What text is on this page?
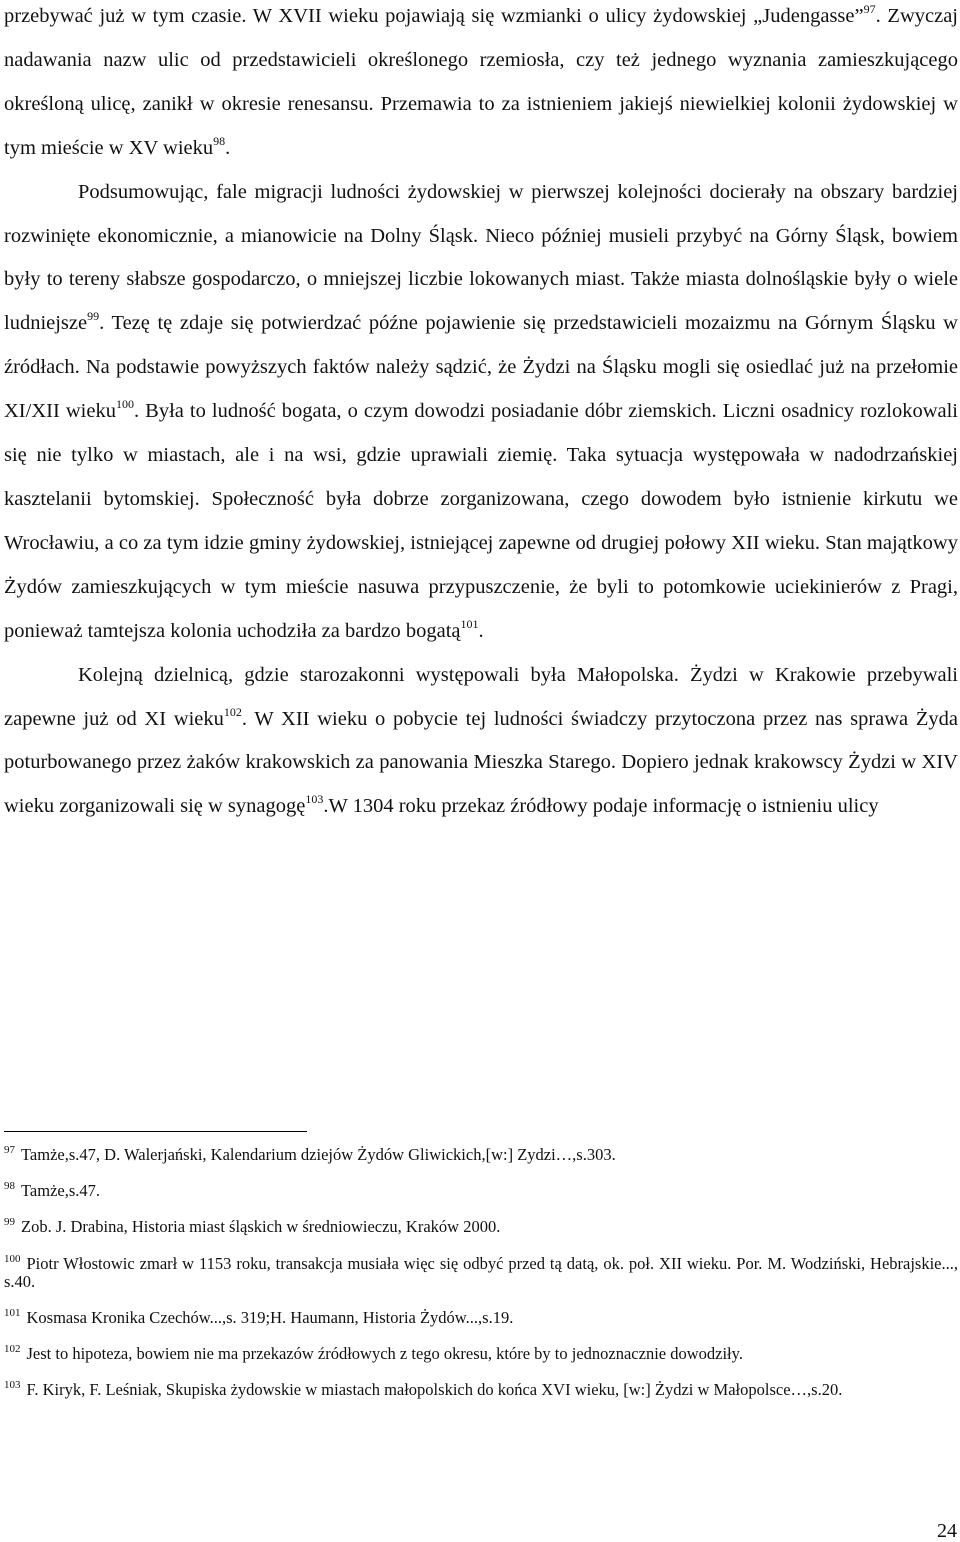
przebywać już w tym czasie. W XVII wieku pojawiają się wzmianki o ulicy żydowskiej „Judengasse”$^{97}$. Zwyczaj nadawania nazw ulic od przedstawicieli określonego rzemiosła, czy też jednego wyznania zamieszkującego określoną ulicę, zanikł w okresie renesansu. Przemawia to za istnieniem jakiejś niewielkiej kolonii żydowskiej w tym mieście w XV wieku$^{98}$.

Podsumowując, fale migracji ludności żydowskiej w pierwszej kolejności docierały na obszary bardziej rozwinięte ekonomicznie, a mianowicie na Dolny Śląsk. Nieco później musieli przybyć na Górny Śląsk, bowiem były to tereny słabsze gospodarczo, o mniejszej liczbie lokowanych miast. Także miasta dolnośląskie były o wiele ludniejsze$^{99}$. Tezę tę zdaje się potwierdzać późne pojawienie się przedstawicieli mozaizmu na Górnym Śląsku w źródłach. Na podstawie powyższych faktów należy sądzić, że Żydzi na Śląsku mogli się osiedlać już na przełomie XI/XII wieku$^{100}$. Była to ludność bogata, o czym dowodzi posiadanie dóbr ziemskich. Liczni osadnicy rozlokowali się nie tylko w miastach, ale i na wsi, gdzie uprawiali ziemię. Taka sytuacja występowała w nadodrzańskiej kasztelanii bytomskiej. Społeczność była dobrze zorganizowana, czego dowodem było istnienie kirkutu we Wrocławiu, a co za tym idzie gminy żydowskiej, istniejącej zapewne od drugiej połowy XII wieku. Stan majątkowy Żydów zamieszkujących w tym mieście nasuwa przypuszczenie, że byli to potomkowie uciekinierów z Pragi, ponieważ tamtejsza kolonia uchodziła za bardzo bogatą$^{101}$.

Kolejną dzielnicą, gdzie starozakonni występowali była Małopolska. Żydzi w Krakowie przebywali zapewne już od XI wieku$^{102}$. W XII wieku o pobycie tej ludności świadczy przytoczona przez nas sprawa Żyda poturbowanego przez żaków krakowskich za panowania Mieszka Starego. Dopiero jednak krakowscy Żydzi w XIV wieku zorganizowali się w synagogę$^{103}$.W 1304 roku przekaz źródłowy podaje informację o istnieniu ulicy

$^{97}$ Tamże,s.47, D. Walerjański, Kalendarium dziejów Żydów Gliwickich,[w:] Zydzi…,s.303.
$^{98}$ Tamże,s.47.
$^{99}$ Zob. J. Drabina, Historia miast śląskich w średniowieczu, Kraków 2000.
$^{100}$ Piotr Włostowic zmarł w 1153 roku, transakcja musiała więc się odbyć przed tą datą, ok. poł. XII wieku. Por. M. Wodziński, Hebrajskie..., s.40.
$^{101}$ Kosmasa Kronika Czechów...,s. 319;H. Haumann, Historia Żydów...,s.19.
$^{102}$ Jest to hipoteza, bowiem nie ma przekazów źródłowych z tego okresu, które by to jednoznacznie dowodziły.
$^{103}$ F. Kiryk, F. Leśniak, Skupiska żydowskie w miastach małopolskich do końca XVI wieku, [w:] Żydzi w Małopolsce…,s.20.
24
